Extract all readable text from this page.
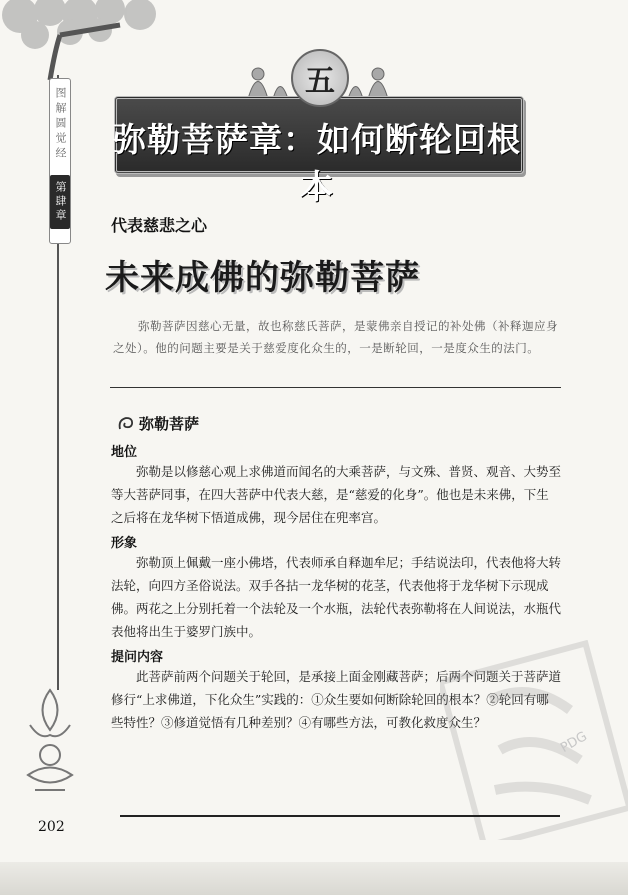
图解圆觉经
第肆章
五
弥勒菩萨章：如何断轮回根本
代表慈悲之心
未来成佛的弥勒菩萨
弥勒菩萨因慈心无量，故也称慈氏菩萨，是蒙佛亲自授记的补处佛（补释迦应身之处）。他的问题主要是关于慈爱度化众生的，一是断轮回，一是度众生的法门。
弥勒菩萨
地位
弥勒是以修慈心观上求佛道而闻名的大乘菩萨，与文殊、普贤、观音、大势至等大菩萨同事，在四大菩萨中代表大慈，是“慈爱的化身”。他也是未来佛，下生之后将在龙华树下悟道成佛，现今居住在兜率宫。
形象
弥勒顶上佩戴一座小佛塔，代表师承自释迦牟尼；手结说法印，代表他将大转法轮，向四方圣俗说法。双手各拈一龙华树的花茎，代表他将于龙华树下示现成佛。两花之上分别托着一个法轮及一个水瓶，法轮代表弥勒将在人间说法，水瓶代表他将出生于婆罗门族中。
提问内容
此菩萨前两个问题关于轮回，是承接上面金刚藏菩萨；后两个问题关于菩萨道修行“上求佛道，下化众生”实践的：①众生要如何断除轮回的根本？②轮回有哪些特性？③修道觉悟有几种差别？④有哪些方法，可教化救度众生？
PDG
202
